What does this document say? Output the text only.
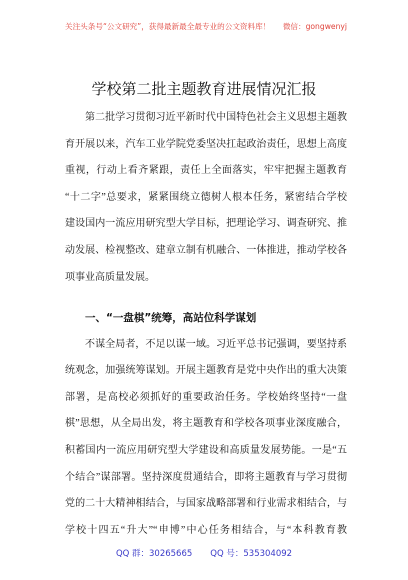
关注头条号“公文研究”，获得最新最全最专业的公文资料库！ 微信：gongwenyj
学校第二批主题教育进展情况汇报
第二批学习贯彻习近平新时代中国特色社会主义思想主题教
育开展以来，汽车工业学院党委坚决扛起政治责任，思想上高度
重视，行动上看齐紧跟，责任上全面落实，牢牢把握主题教育
“十二字”总要求，紧紧围绕立德树人根本任务，紧密结合学校
建设国内一流应用研究型大学目标，把理论学习、调查研究、推
动发展、检视整改、建章立制有机融合、一体推进，推动学校各
项事业高质量发展。
一、“一盘棋”统筹，高站位科学谋划
不谋全局者，不足以谋一域。习近平总书记强调，要坚持系
统观念，加强统筹谋划。开展主题教育是党中央作出的重大决策
部署，是高校必须抓好的重要政治任务。学校始终坚持“一盘
棋”思想，从全局出发，将主题教育和学校各项事业深度融合，
积蓄国内一流应用研究型大学建设和高质量发展势能。一是“五
个结合”谋部署。坚持深度贯通结合，即将主题教育与学习贯彻
党的二十大精神相结合，与国家战略部署和行业需求相结合，与
学校十四五“升大”“申博”中心任务相结合，与“本科教育教
QQ 群：30265665 QQ 号：535304092
